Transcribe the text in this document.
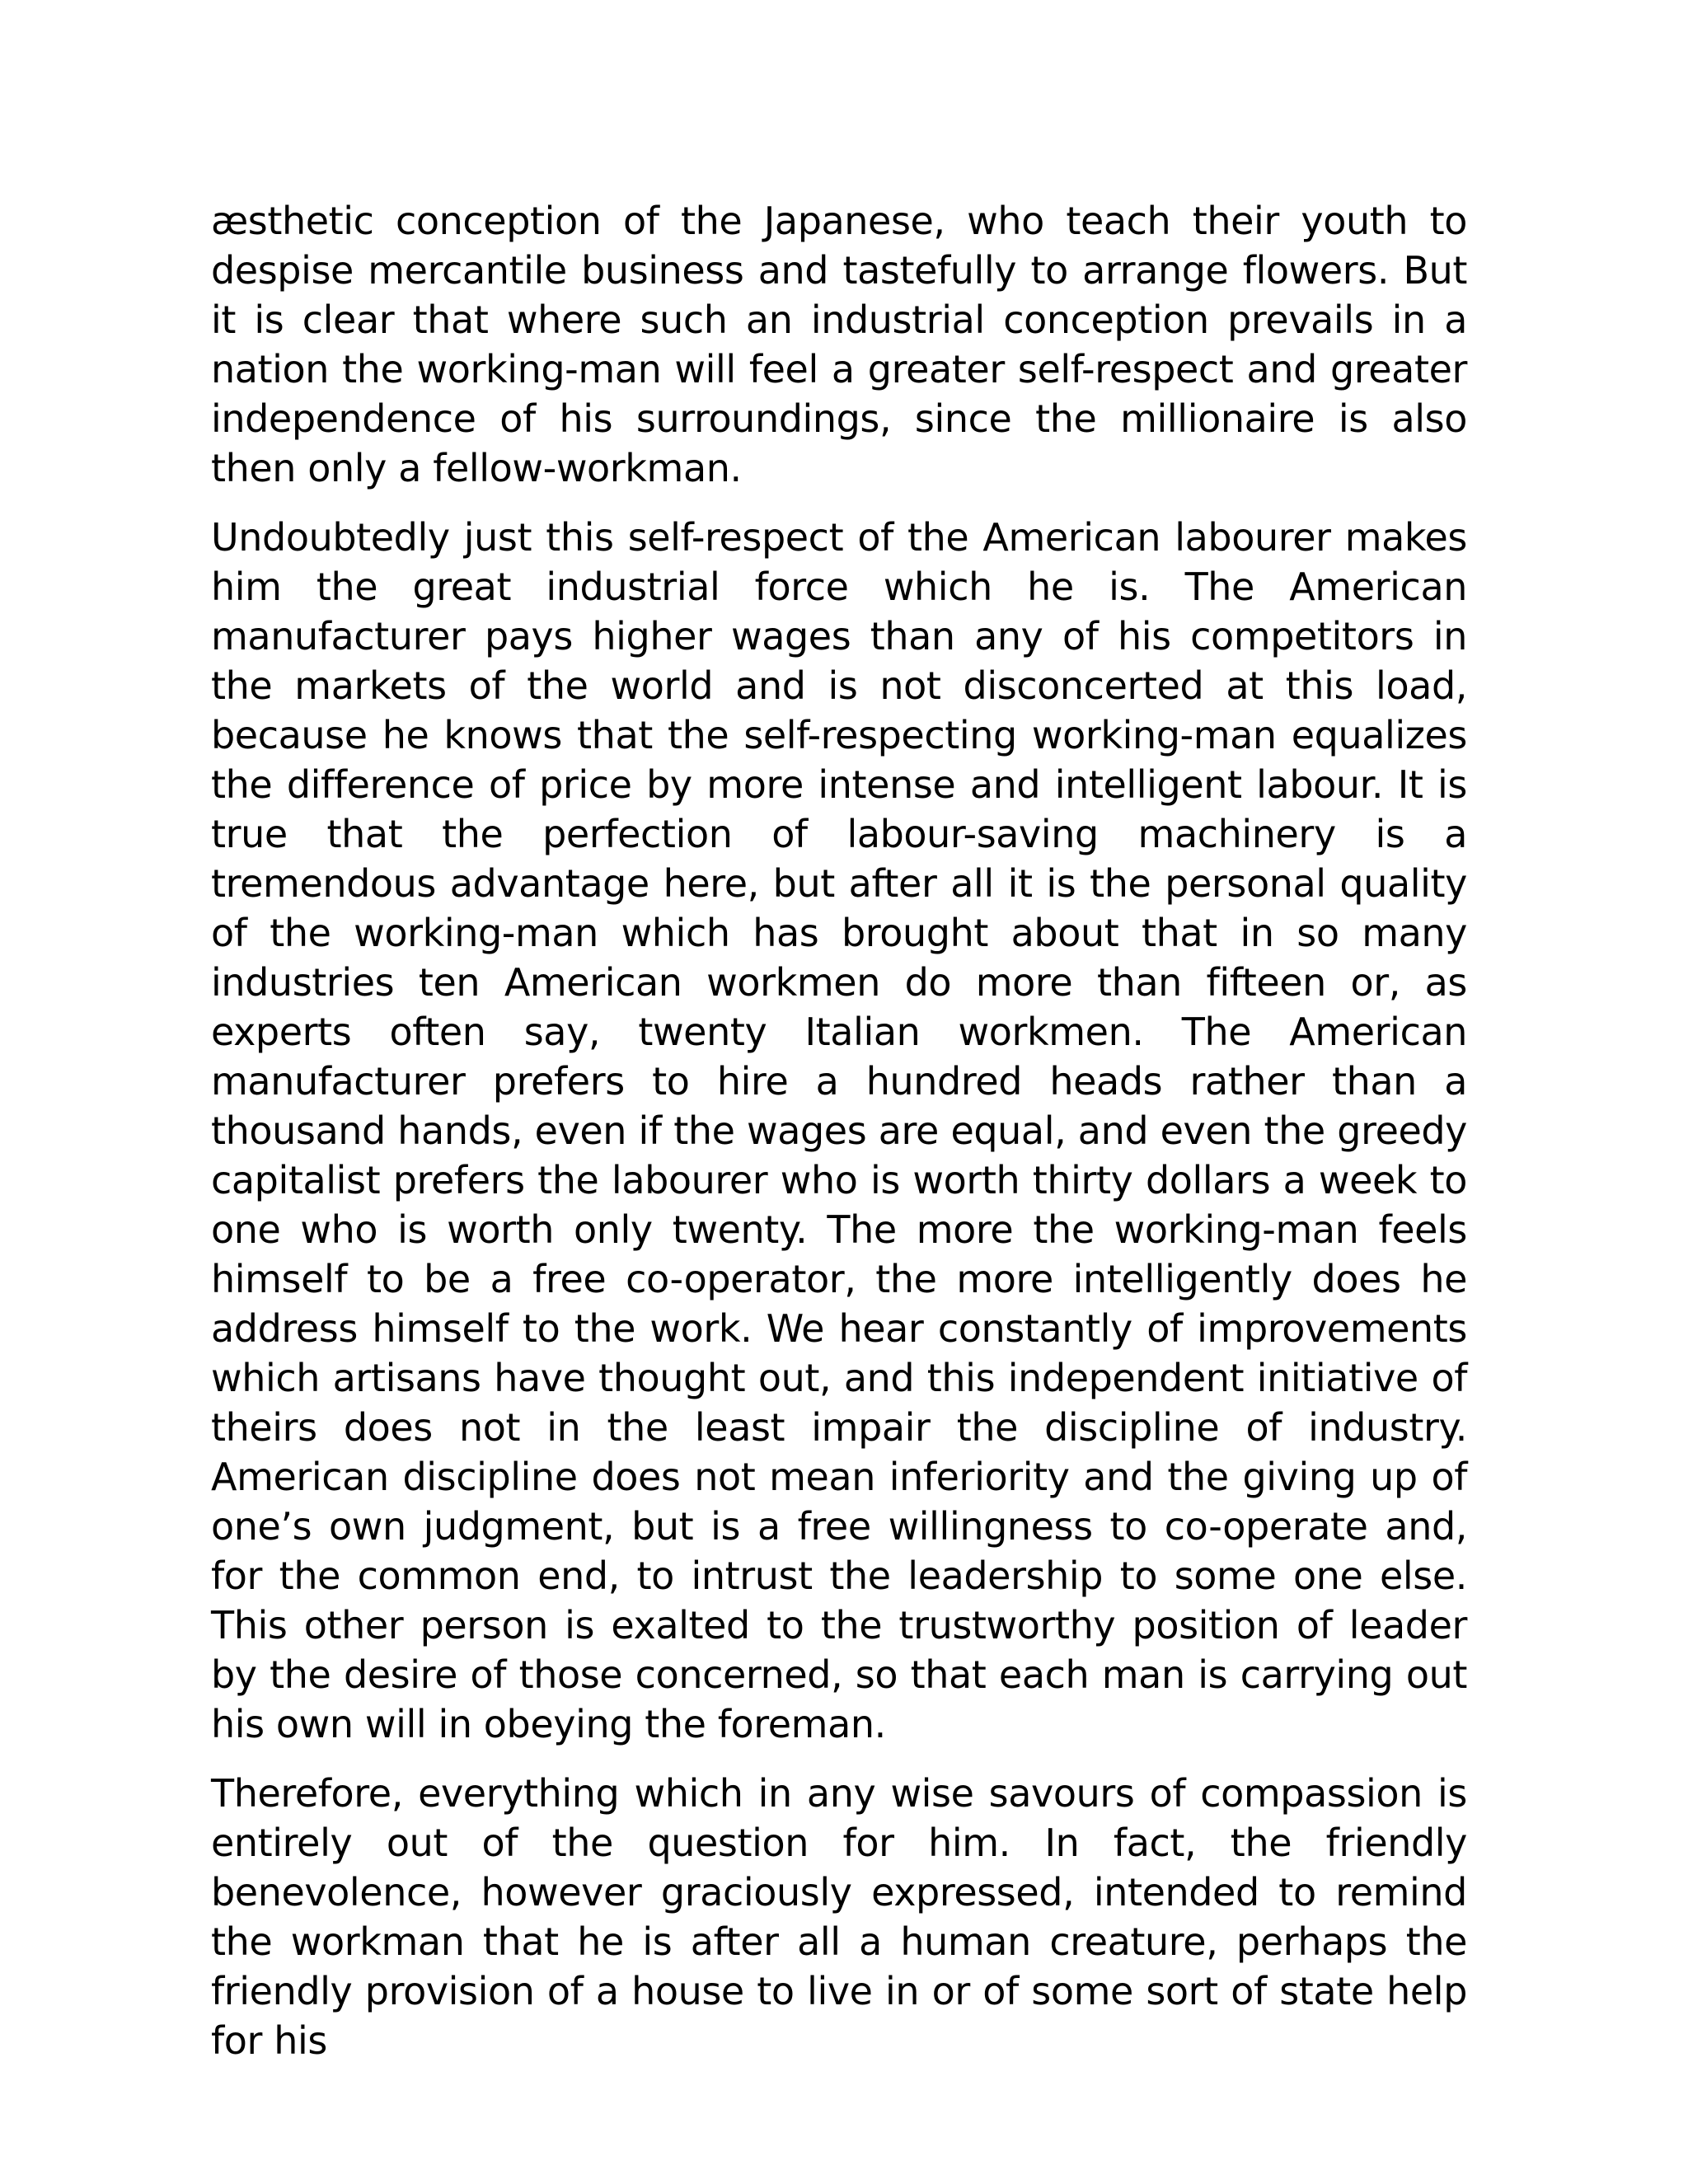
æsthetic conception of the Japanese, who teach their youth to despise mercantile business and tastefully to arrange flowers. But it is clear that where such an industrial conception prevails in a nation the working-man will feel a greater self-respect and greater independence of his surroundings, since the millionaire is also then only a fellow-workman.

Undoubtedly just this self-respect of the American labourer makes him the great industrial force which he is. The American manufacturer pays higher wages than any of his competitors in the markets of the world and is not disconcerted at this load, because he knows that the self-respecting working-man equalizes the difference of price by more intense and intelligent labour. It is true that the perfection of labour-saving machinery is a tremendous advantage here, but after all it is the personal quality of the working-man which has brought about that in so many industries ten American workmen do more than fifteen or, as experts often say, twenty Italian workmen. The American manufacturer prefers to hire a hundred heads rather than a thousand hands, even if the wages are equal, and even the greedy capitalist prefers the labourer who is worth thirty dollars a week to one who is worth only twenty. The more the working-man feels himself to be a free co-operator, the more intelligently does he address himself to the work. We hear constantly of improvements which artisans have thought out, and this independent initiative of theirs does not in the least impair the discipline of industry. American discipline does not mean inferiority and the giving up of one’s own judgment, but is a free willingness to co-operate and, for the common end, to intrust the leadership to some one else. This other person is exalted to the trustworthy position of leader by the desire of those concerned, so that each man is carrying out his own will in obeying the foreman.

Therefore, everything which in any wise savours of compassion is entirely out of the question for him. In fact, the friendly benevolence, however graciously expressed, intended to remind the workman that he is after all a human creature, perhaps the friendly provision of a house to live in or of some sort of state help for his
